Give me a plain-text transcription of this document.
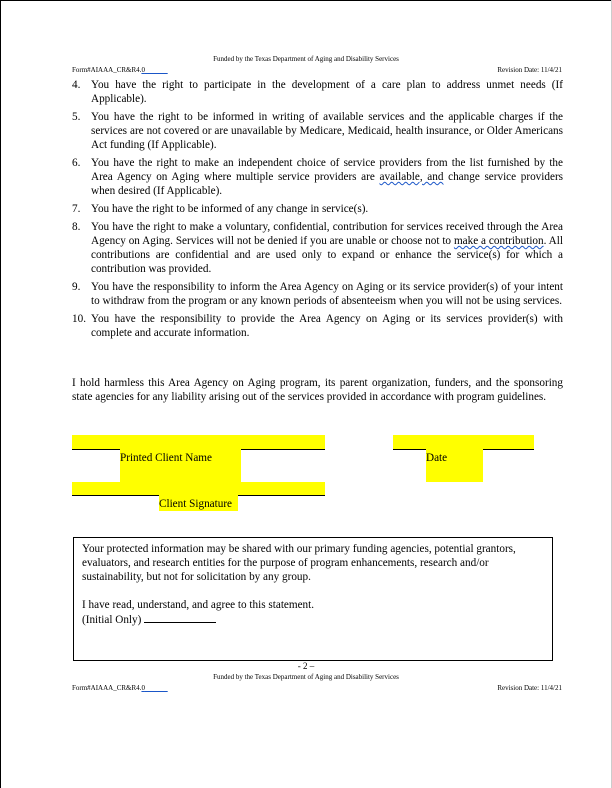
Funded by the Texas Department of Aging and Disability Services
Form#AIAAA_CR&R4.0	Revision Date: 11/4/21
4. You have the right to participate in the development of a care plan to address unmet needs (If Applicable).
5. You have the right to be informed in writing of available services and the applicable charges if the services are not covered or are unavailable by Medicare, Medicaid, health insurance, or Older Americans Act funding (If Applicable).
6. You have the right to make an independent choice of service providers from the list furnished by the Area Agency on Aging where multiple service providers are available, and change service providers when desired (If Applicable).
7. You have the right to be informed of any change in service(s).
8. You have the right to make a voluntary, confidential, contribution for services received through the Area Agency on Aging. Services will not be denied if you are unable or choose not to make a contribution. All contributions are confidential and are used only to expand or enhance the service(s) for which a contribution was provided.
9. You have the responsibility to inform the Area Agency on Aging or its service provider(s) of your intent to withdraw from the program or any known periods of absenteeism when you will not be using services.
10. You have the responsibility to provide the Area Agency on Aging or its services provider(s) with complete and accurate information.
I hold harmless this Area Agency on Aging program, its parent organization, funders, and the sponsoring state agencies for any liability arising out of the services provided in accordance with program guidelines.
Printed Client Name	Date
Client Signature

Your protected information may be shared with our primary funding agencies, potential grantors, evaluators, and research entities for the purpose of program enhancements, research and/or sustainability, but not for solicitation by any group.

I have read, understand, and agree to this statement.

(Initial Only)

- 2 –
Funded by the Texas Department of Aging and Disability Services
Form#AIAAA_CR&R4.0	Revision Date: 11/4/21
